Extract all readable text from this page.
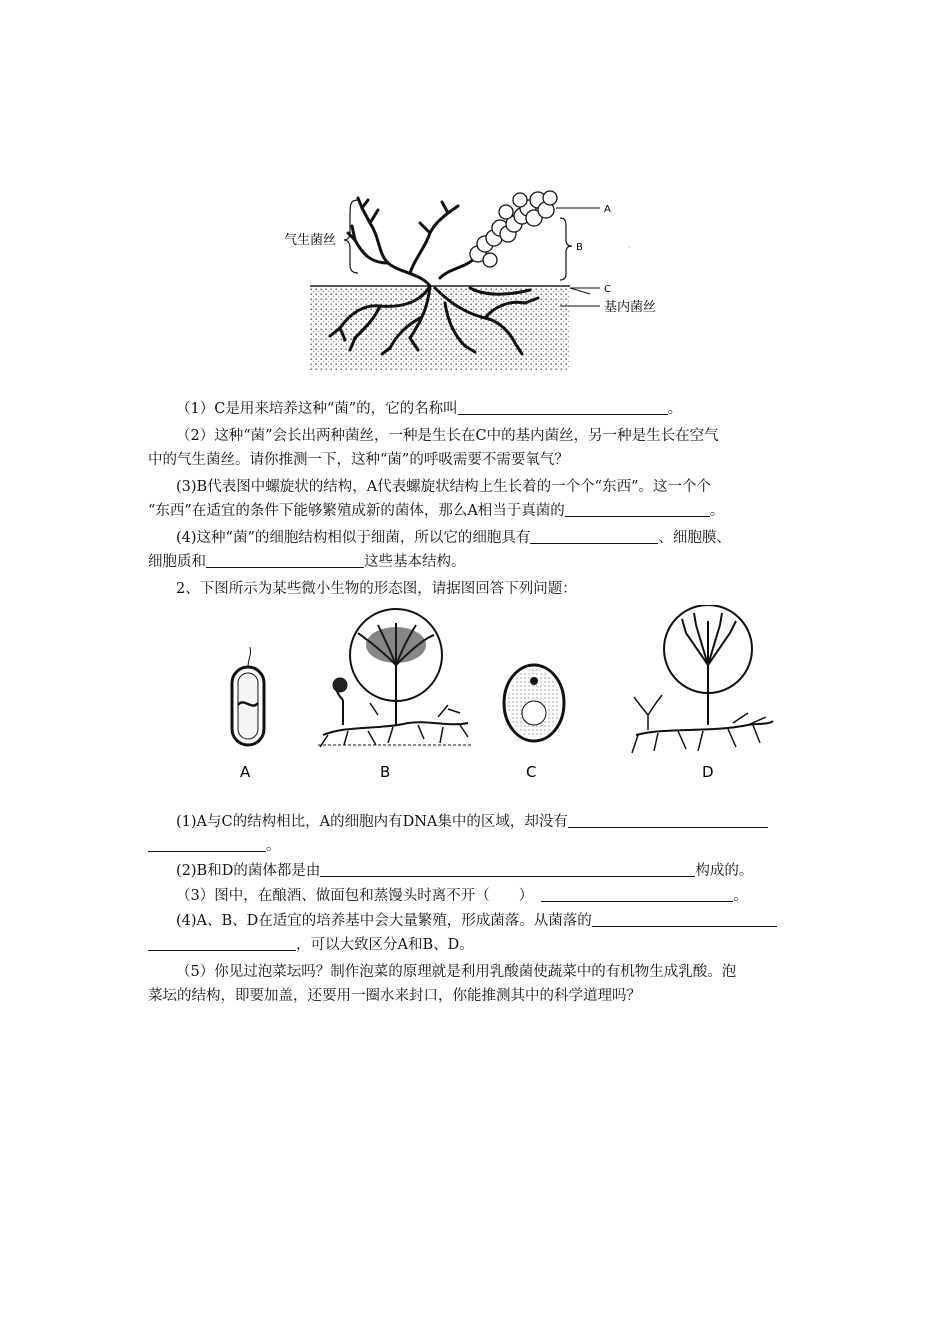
气生菌丝
A
B	·
C
基内菌丝
（1）C是用来培养这种“菌”的，它的名称叫	。
（2）这种“菌”会长出两种菌丝，一种是生长在C中的基内菌丝，另一种是生长在空气
中的气生菌丝。请你推测一下，这种“菌”的呼吸需要不需要氧气？
(3)B代表图中螺旋状的结构，A代表螺旋状结构上生长着的一个个“东西”。这一个个
“东西”在适宜的条件下能够繁殖成新的菌体，那么A相当于真菌的	。
(4)这种“菌”的细胞结构相似于细菌，所以它的细胞具有	、细胞膜、
细胞质和	这些基本结构。
2、下图所示为某些微小生物的形态图，请据图回答下列问题：
A	B	C	D
(1)A与C的结构相比，A的细胞内有DNA集中的区域，却没有
。
(2)B和D的菌体都是由	构成的。
（3）图中，在酿酒、做面包和蒸馒头时离不开（　　）	。
(4)A、B、D在适宜的培养基中会大量繁殖，形成菌落。从菌落的
，可以大致区分A和B、D。
（5）你见过泡菜坛吗？制作泡菜的原理就是利用乳酸菌使蔬菜中的有机物生成乳酸。泡
菜坛的结构，即要加盖，还要用一圈水来封口，你能推测其中的科学道理吗？
